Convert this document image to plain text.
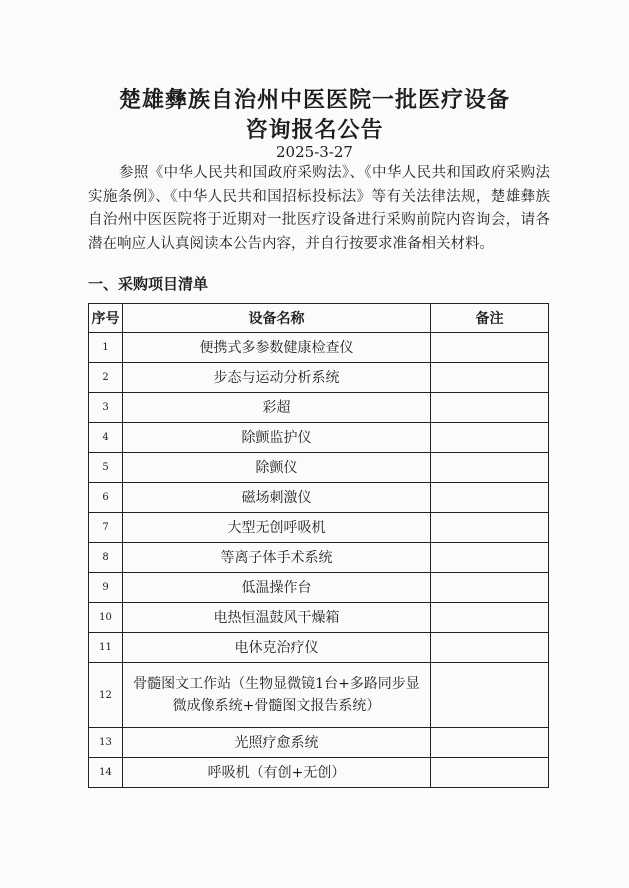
楚雄彝族自治州中医医院一批医疗设备
咨询报名公告
2025-3-27
参照《中华人民共和国政府采购法》、《中华人民共和国政府采购法实施条例》、《中华人民共和国招标投标法》等有关法律法规，楚雄彝族自治州中医医院将于近期对一批医疗设备进行采购前院内咨询会，请各潜在响应人认真阅读本公告内容，并自行按要求准备相关材料。
一、采购项目清单
序号	设备名称	备注
1	便携式多参数健康检查仪	
2	步态与运动分析系统	
3	彩超	
4	除颤监护仪	
5	除颤仪	
6	磁场刺激仪	
7	大型无创呼吸机	
8	等离子体手术系统	
9	低温操作台	
10	电热恒温鼓风干燥箱	
11	电休克治疗仪	
12	骨髓图文工作站（生物显微镜1台+多路同步显微成像系统+骨髓图文报告系统）	
13	光照疗愈系统	
14	呼吸机（有创+无创）	
